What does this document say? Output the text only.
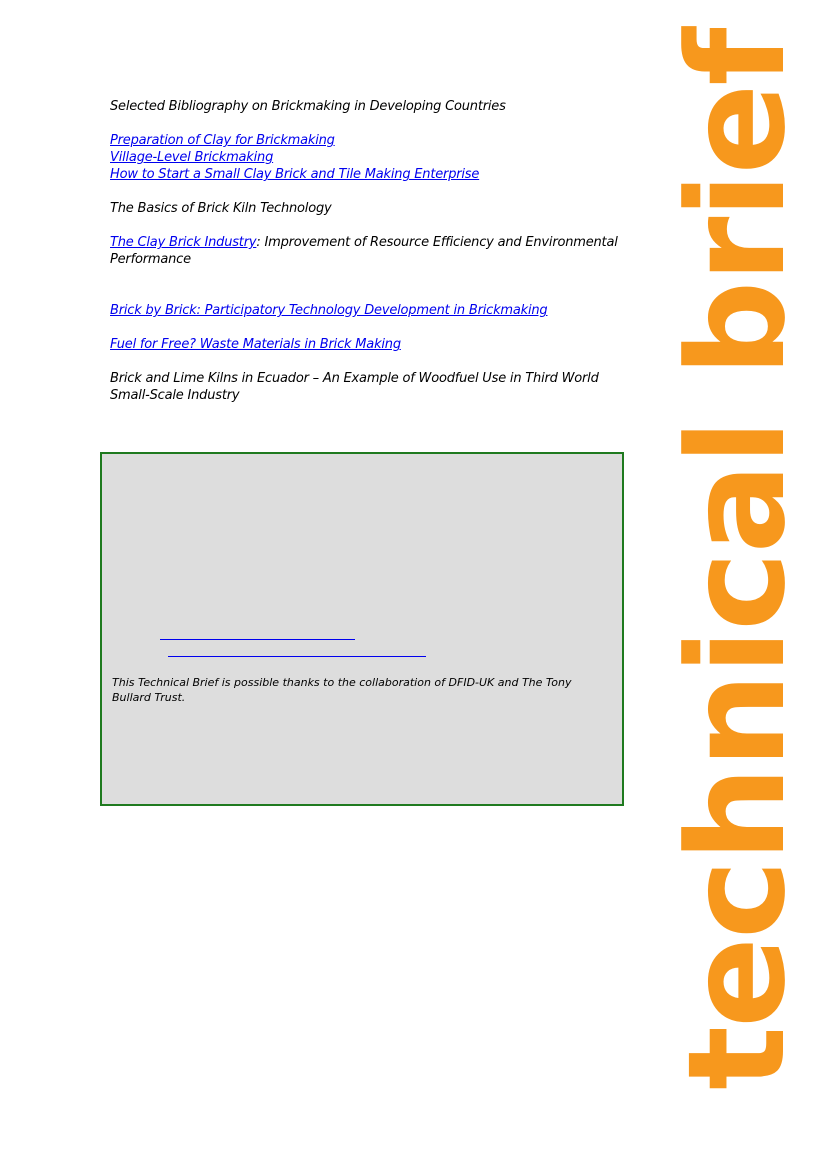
Selected Bibliography on Brickmaking in Developing Countries
Preparation of Clay for Brickmaking
Village-Level Brickmaking
How to Start a Small Clay Brick and Tile Making Enterprise
The Basics of Brick Kiln Technology
The Clay Brick Industry: Improvement of Resource Efficiency and Environmental
Performance
Brick by Brick: Participatory Technology Development in Brickmaking
Fuel for Free? Waste Materials in Brick Making
Brick and Lime Kilns in Ecuador – An Example of Woodfuel Use in Third World
Small-Scale Industry
This Technical Brief is possible thanks to the collaboration of DFID-UK and The Tony Bullard Trust.	technical brief
